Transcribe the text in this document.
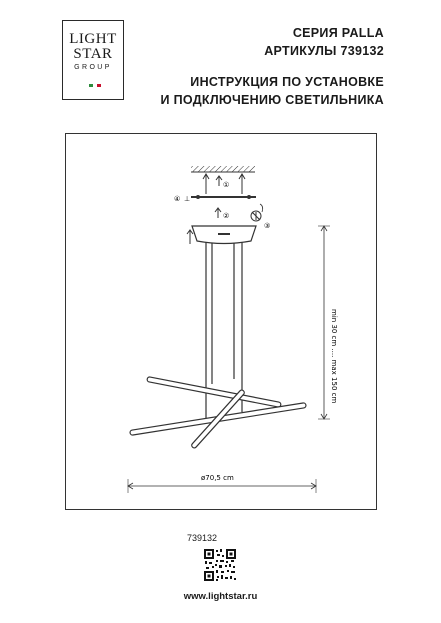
LIGHT
STAR
GROUP
СЕРИЯ PALLA
АРТИКУЛЫ 739132
ИНСТРУКЦИЯ ПО УСТАНОВКЕ
И ПОДКЛЮЧЕНИЮ СВЕТИЛЬНИКА
①
④ ⊥
②
③
min 30 cm .... max 150 cm
ø70,5 cm
739132
www.lightstar.ru
